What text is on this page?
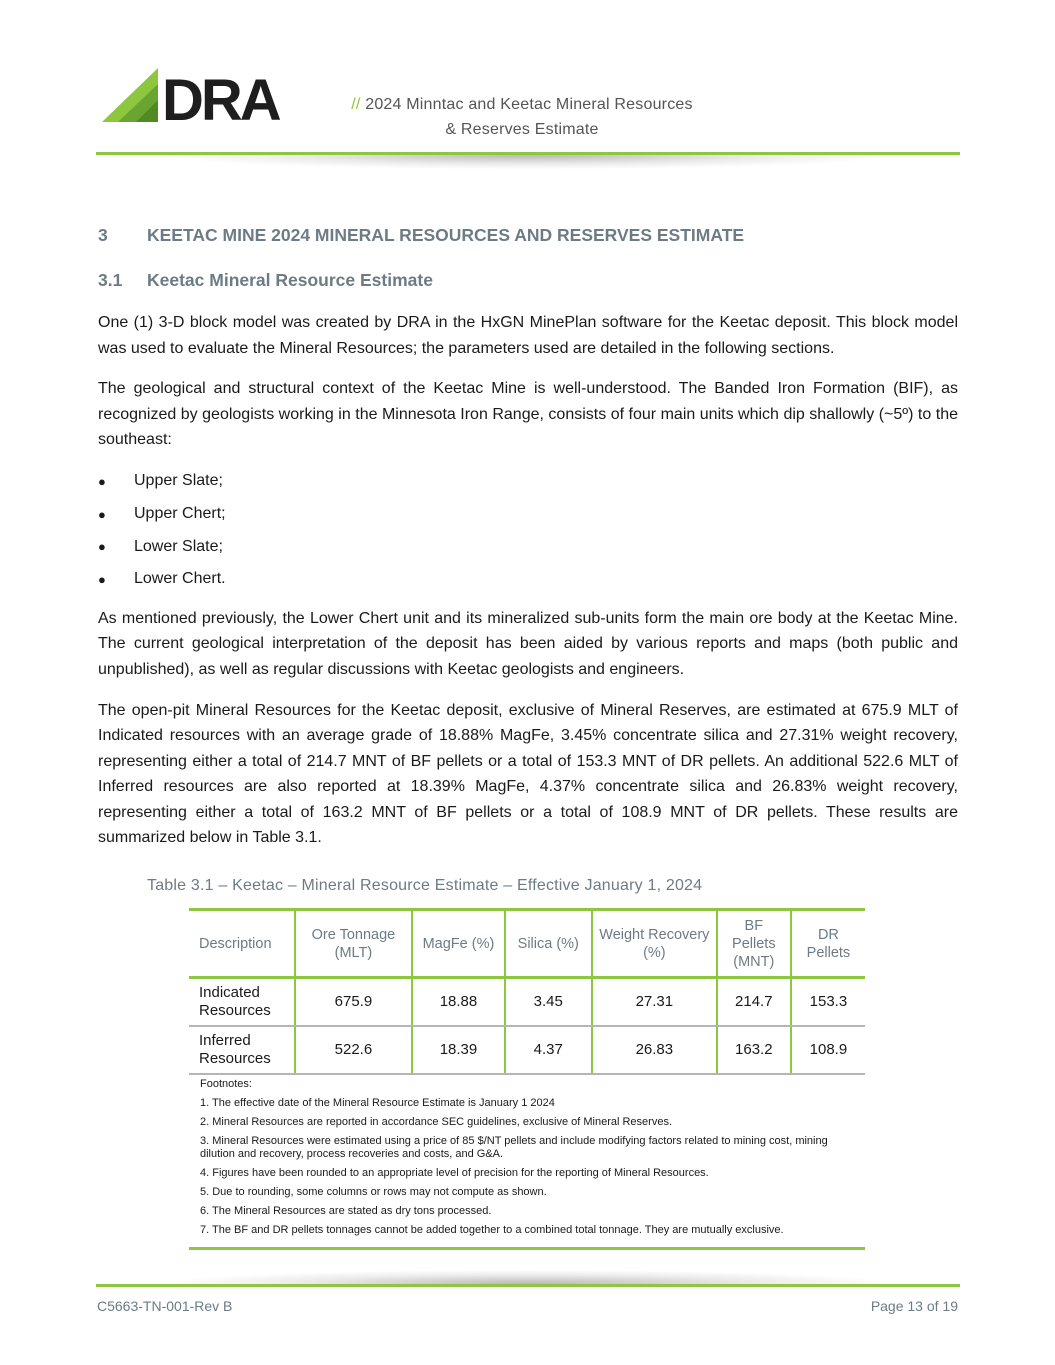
DRA	// 2024 Minntac and Keetac Mineral Resources
& Reserves Estimate
3	KEETAC MINE 2024 MINERAL RESOURCES AND RESERVES ESTIMATE
3.1	Keetac Mineral Resource Estimate

One (1) 3-D block model was created by DRA in the HxGN MinePlan software for the Keetac deposit. This block model was used to evaluate the Mineral Resources; the parameters used are detailed in the following sections.

The geological and structural context of the Keetac Mine is well-understood. The Banded Iron Formation (BIF), as recognized by geologists working in the Minnesota Iron Range, consists of four main units which dip shallowly (~5º) to the southeast:

●	Upper Slate;
●	Upper Chert;
●	Lower Slate;
●	Lower Chert.

As mentioned previously, the Lower Chert unit and its mineralized sub-units form the main ore body at the Keetac Mine. The current geological interpretation of the deposit has been aided by various reports and maps (both public and unpublished), as well as regular discussions with Keetac geologists and engineers.

The open-pit Mineral Resources for the Keetac deposit, exclusive of Mineral Reserves, are estimated at 675.9 MLT of Indicated resources with an average grade of 18.88% MagFe, 3.45% concentrate silica and 27.31% weight recovery, representing either a total of 214.7 MNT of BF pellets or a total of 153.3 MNT of DR pellets. An additional 522.6 MLT of Inferred resources are also reported at 18.39% MagFe, 4.37% concentrate silica and 26.83% weight recovery, representing either a total of 163.2 MNT of BF pellets or a total of 108.9 MNT of DR pellets. These results are summarized below in Table 3.1.

Table 3.1 – Keetac – Mineral Resource Estimate – Effective January 1, 2024
Description	Ore Tonnage (MLT)	MagFe (%)	Silica (%)	Weight Recovery (%)	BF Pellets (MNT)	DR Pellets
Indicated Resources	675.9	18.88	3.45	27.31	214.7	153.3
Inferred Resources	522.6	18.39	4.37	26.83	163.2	108.9
Footnotes:
1. The effective date of the Mineral Resource Estimate is January 1 2024
2. Mineral Resources are reported in accordance SEC guidelines, exclusive of Mineral Reserves.
3. Mineral Resources were estimated using a price of 85 $/NT pellets and include modifying factors related to mining cost, mining dilution and recovery, process recoveries and costs, and G&A.
4. Figures have been rounded to an appropriate level of precision for the reporting of Mineral Resources.
5. Due to rounding, some columns or rows may not compute as shown.
6. The Mineral Resources are stated as dry tons processed.
7. The BF and DR pellets tonnages cannot be added together to a combined total tonnage. They are mutually exclusive.
C5663-TN-001-Rev B	Page 13 of 19
